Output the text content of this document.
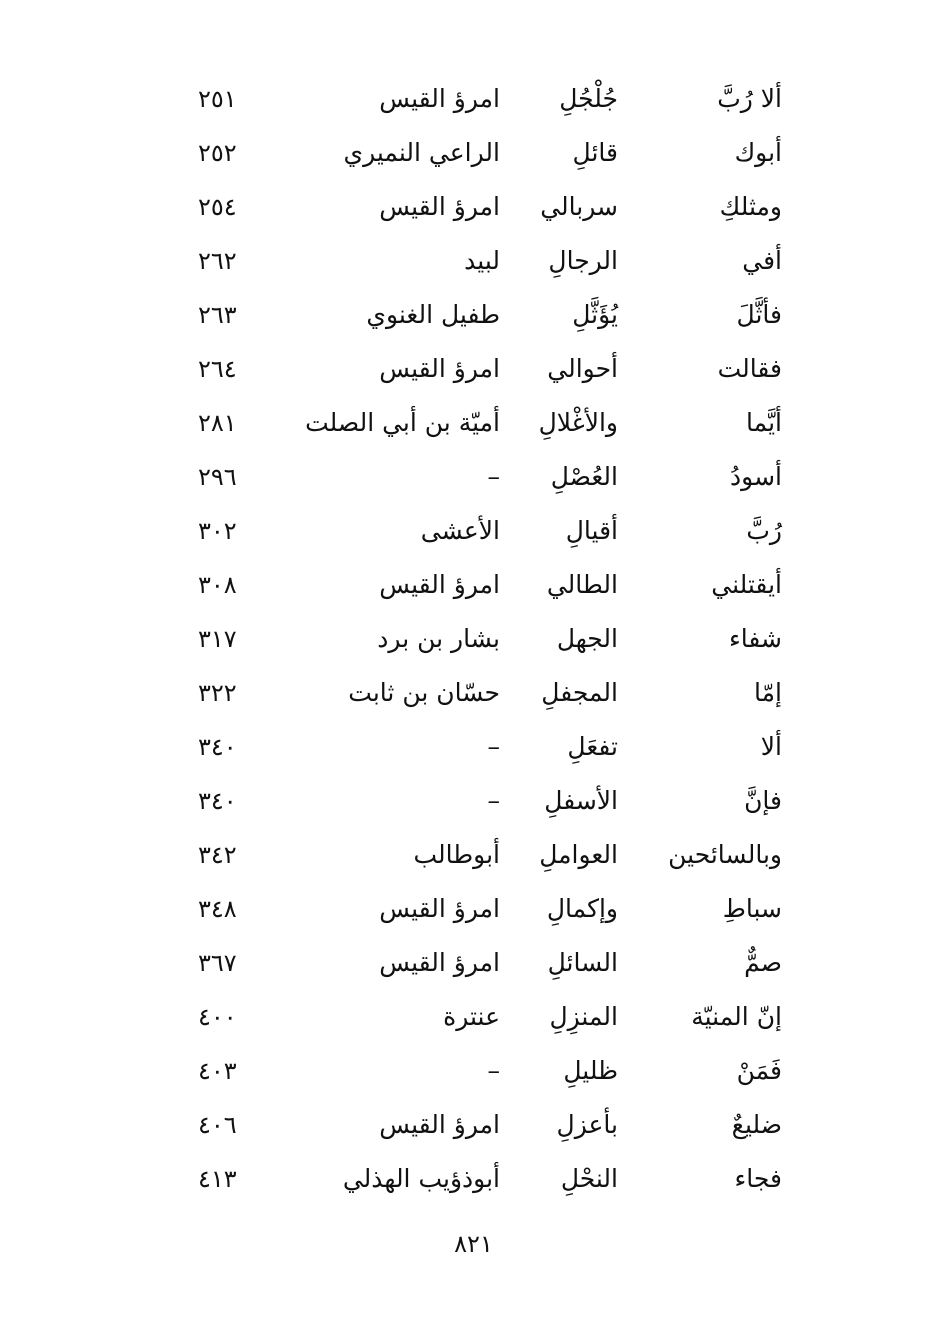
ألا رُبَّ
جُلْجُلِ
امرؤ القيس
٢٥١
أبوك
قائلِ
الراعي النميري
٢٥٢
ومثلكِ
سربالي
امرؤ القيس
٢٥٤
أفي
الرجالِ
لبيد
٢٦٢
فأثَّلَ
يُؤَثَّلِ
طفيل الغنوي
٢٦٣
فقالت
أحوالي
امرؤ القيس
٢٦٤
أيَّما
والأغْلالِ
أميّة بن أبي الصلت
٢٨١
أسودُ
العُصْلِ
–
٢٩٦
رُبَّ
أقيالِ
الأعشى
٣٠٢
أيقتلني
الطالي
امرؤ القيس
٣٠٨
شفاء
الجهل
بشار بن برد
٣١٧
إمّا
المجفلِ
حسّان بن ثابت
٣٢٢
ألا
تفعَلِ
–
٣٤٠
فإنَّ
الأسفلِ
–
٣٤٠
وبالسائحين
العواملِ
أبوطالب
٣٤٢
سباطِ
وإكمالِ
امرؤ القيس
٣٤٨
صمٌّ
السائلِ
امرؤ القيس
٣٦٧
إنّ المنيّة
المنزِلِ
عنترة
٤٠٠
فَمَنْ
ظليلِ
–
٤٠٣
ضليعٌ
بأعزلِ
امرؤ القيس
٤٠٦
فجاء
النحْلِ
أبوذؤيب الهذلي
٤١٣
٨٢١
